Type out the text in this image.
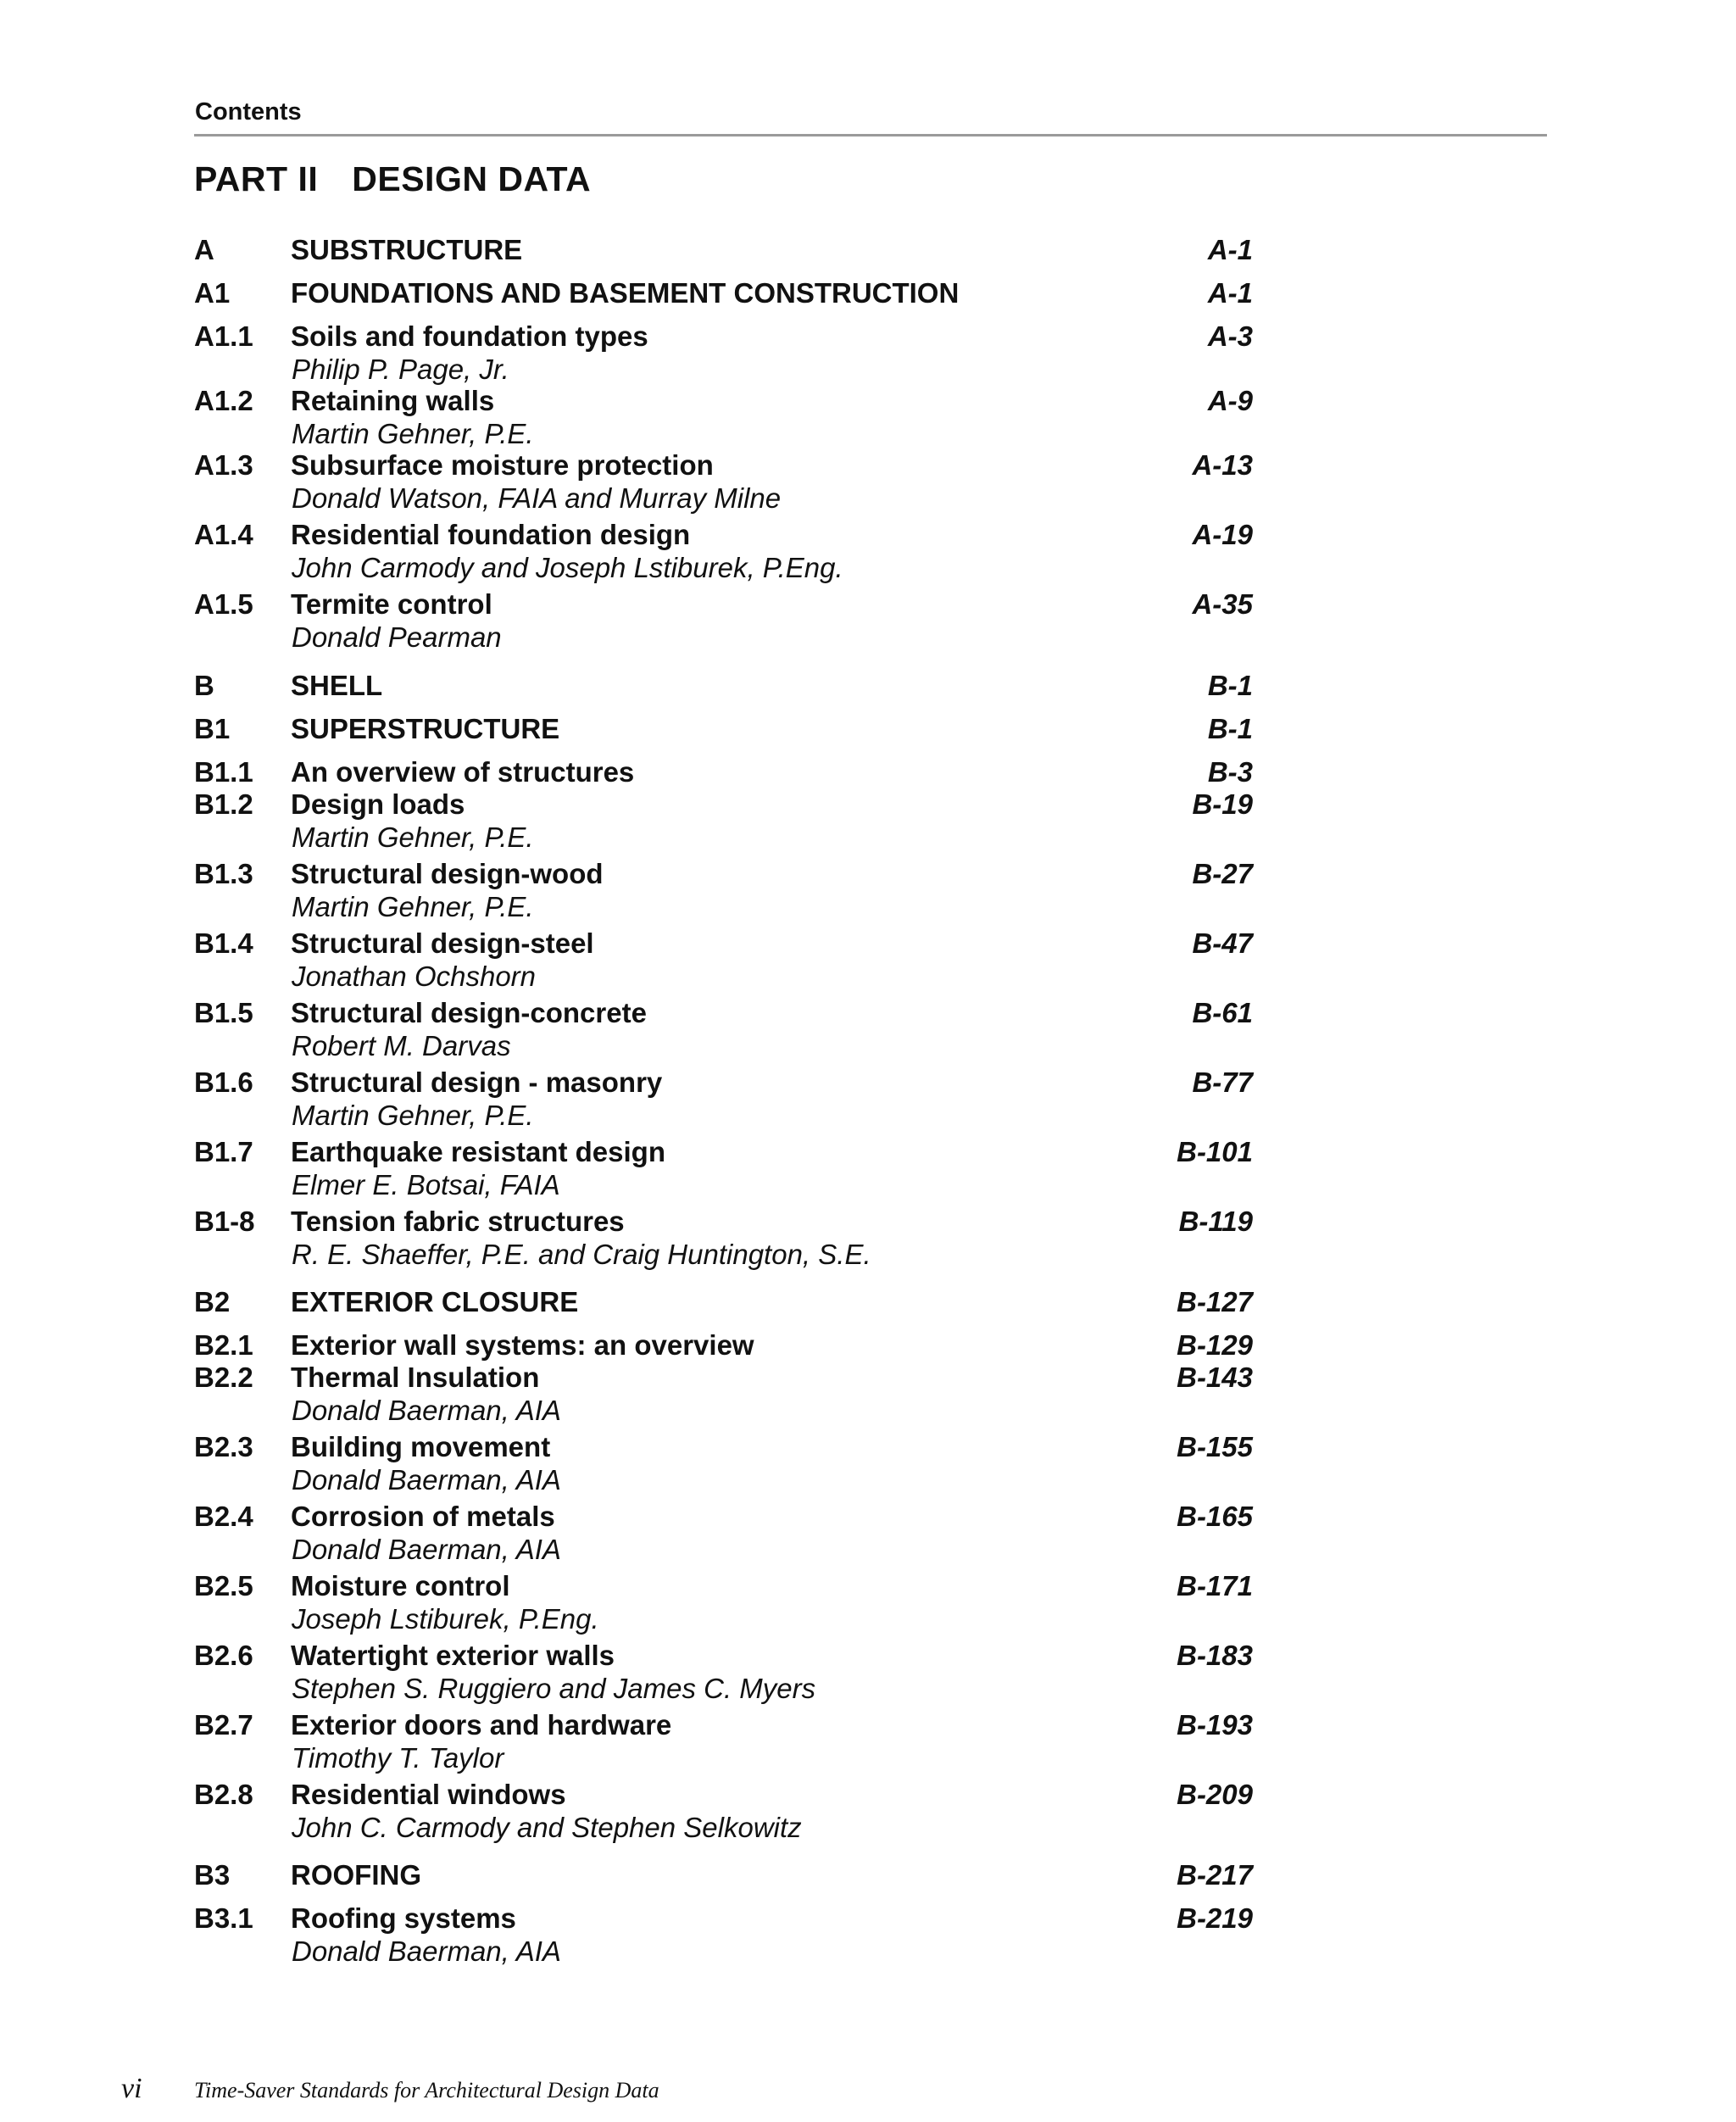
Contents
PART II DESIGN DATA
A	SUBSTRUCTURE	A-1
A1 FOUNDATIONS AND BASEMENT CONSTRUCTION	A-1
A1.1 Soils and foundation types	A-3
Philip P. Page, Jr.
A1.2 Retaining walls	A-9
Martin Gehner, P.E.
A1.3 Subsurface moisture protection	A-13
Donald Watson, FAIA and Murray Milne
A1.4 Residential foundation design	A-19
John Carmody and Joseph Lstiburek, P.Eng.
A1.5 Termite control	A-35
Donald Pearman
B	SHELL	B-1
B1 SUPERSTRUCTURE	B-1
B1.1 An overview of structures	B-3
B1.2 Design loads	B-19
Martin Gehner, P.E.
B1.3 Structural design-wood	B-27
Martin Gehner, P.E.
B1.4 Structural design-steel	B-47
Jonathan Ochshorn
B1.5 Structural design-concrete	B-61
Robert M. Darvas
B1.6 Structural design - masonry	B-77
Martin Gehner, P.E.
B1.7 Earthquake resistant design	B-101
Elmer E. Botsai, FAIA
B1-8 Tension fabric structures	B-119
R. E. Shaeffer, P.E. and Craig Huntington, S.E.
B2 EXTERIOR CLOSURE	B-127
B2.1 Exterior wall systems: an overview	B-129
B2.2 Thermal Insulation	B-143
Donald Baerman, AIA
B2.3 Building movement	B-155
Donald Baerman, AIA
B2.4 Corrosion of metals	B-165
Donald Baerman, AIA
B2.5 Moisture control	B-171
Joseph Lstiburek, P.Eng.
B2.6 Watertight exterior walls	B-183
Stephen S. Ruggiero and James C. Myers
B2.7 Exterior doors and hardware	B-193
Timothy T. Taylor
B2.8 Residential windows	B-209
John C. Carmody and Stephen Selkowitz
B3 ROOFING	B-217
B3.1 Roofing systems	B-219
Donald Baerman, AIA
vi Time-Saver Standards for Architectural Design Data
